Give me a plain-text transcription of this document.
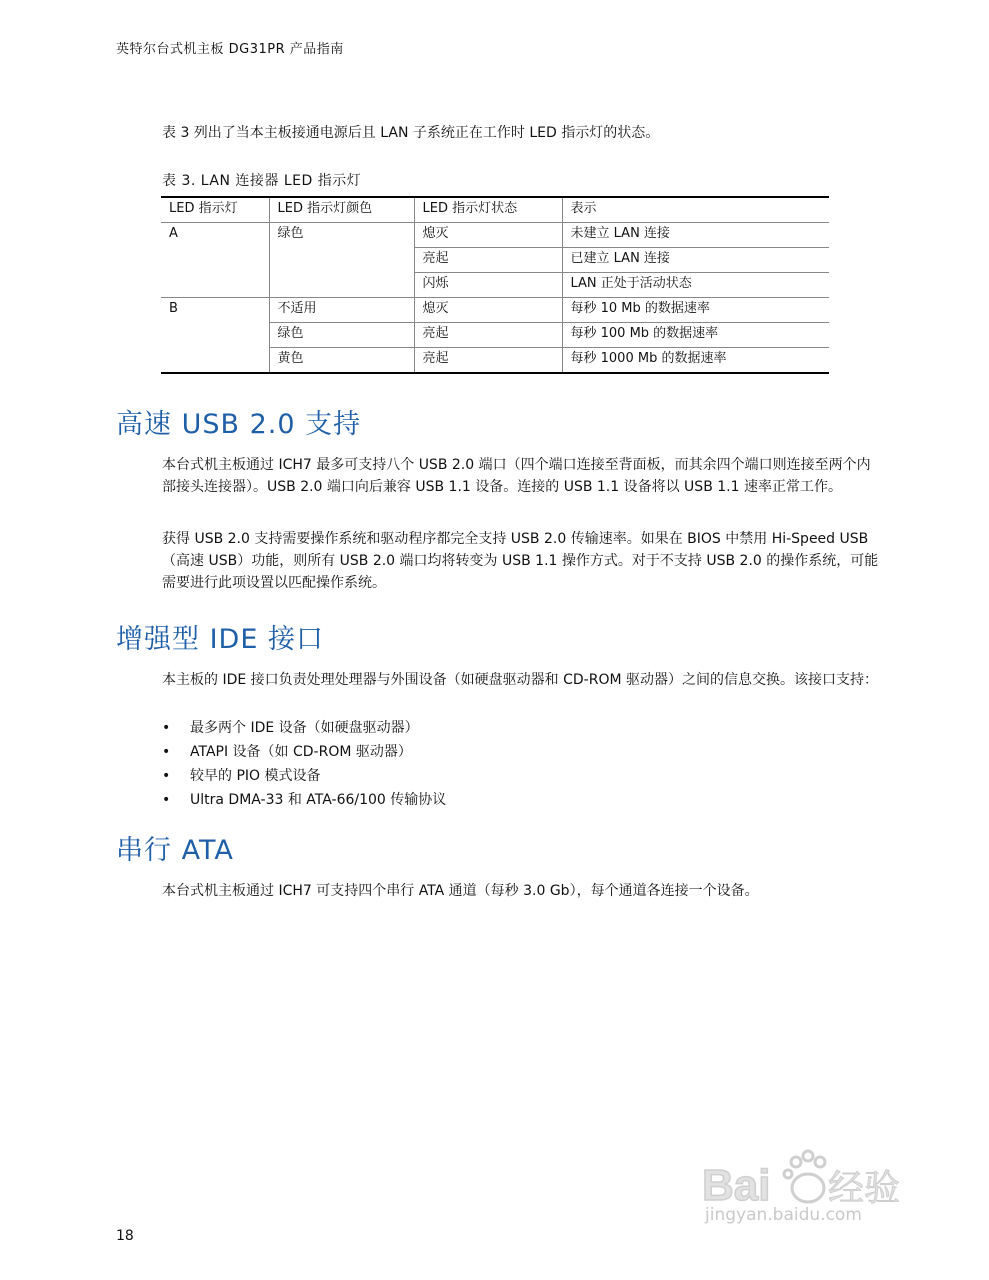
英特尔台式机主板 DG31PR 产品指南
表 3 列出了当本主板接通电源后且 LAN 子系统正在工作时 LED 指示灯的状态。
表 3. LAN 连接器 LED 指示灯
LED 指示灯	LED 指示灯颜色	LED 指示灯状态	表示
A	绿色	熄灭	未建立 LAN 连接
		亮起	已建立 LAN 连接
		闪烁	LAN 正处于活动状态
B	不适用	熄灭	每秒 10 Mb 的数据速率
	绿色	亮起	每秒 100 Mb 的数据速率
	黄色	亮起	每秒 1000 Mb 的数据速率
高速 USB 2.0 支持
本台式机主板通过 ICH7 最多可支持八个 USB 2.0 端口（四个端口连接至背面板，而其余四个端口则连接至两个内部接头连接器）。USB 2.0 端口向后兼容 USB 1.1 设备。连接的 USB 1.1 设备将以 USB 1.1 速率正常工作。
获得 USB 2.0 支持需要操作系统和驱动程序都完全支持 USB 2.0 传输速率。如果在 BIOS 中禁用 Hi-Speed USB（高速 USB）功能，则所有 USB 2.0 端口均将转变为 USB 1.1 操作方式。对于不支持 USB 2.0 的操作系统，可能需要进行此项设置以匹配操作系统。
增强型 IDE 接口
本主板的 IDE 接口负责处理处理器与外围设备（如硬盘驱动器和 CD-ROM 驱动器）之间的信息交换。该接口支持：
• 最多两个 IDE 设备（如硬盘驱动器）
• ATAPI 设备（如 CD-ROM 驱动器）
• 较早的 PIO 模式设备
• Ultra DMA-33 和 ATA-66/100 传输协议
串行 ATA
本台式机主板通过 ICH7 可支持四个串行 ATA 通道（每秒 3.0 Gb），每个通道各连接一个设备。
18
Bai 经验
jingyan.baidu.com
